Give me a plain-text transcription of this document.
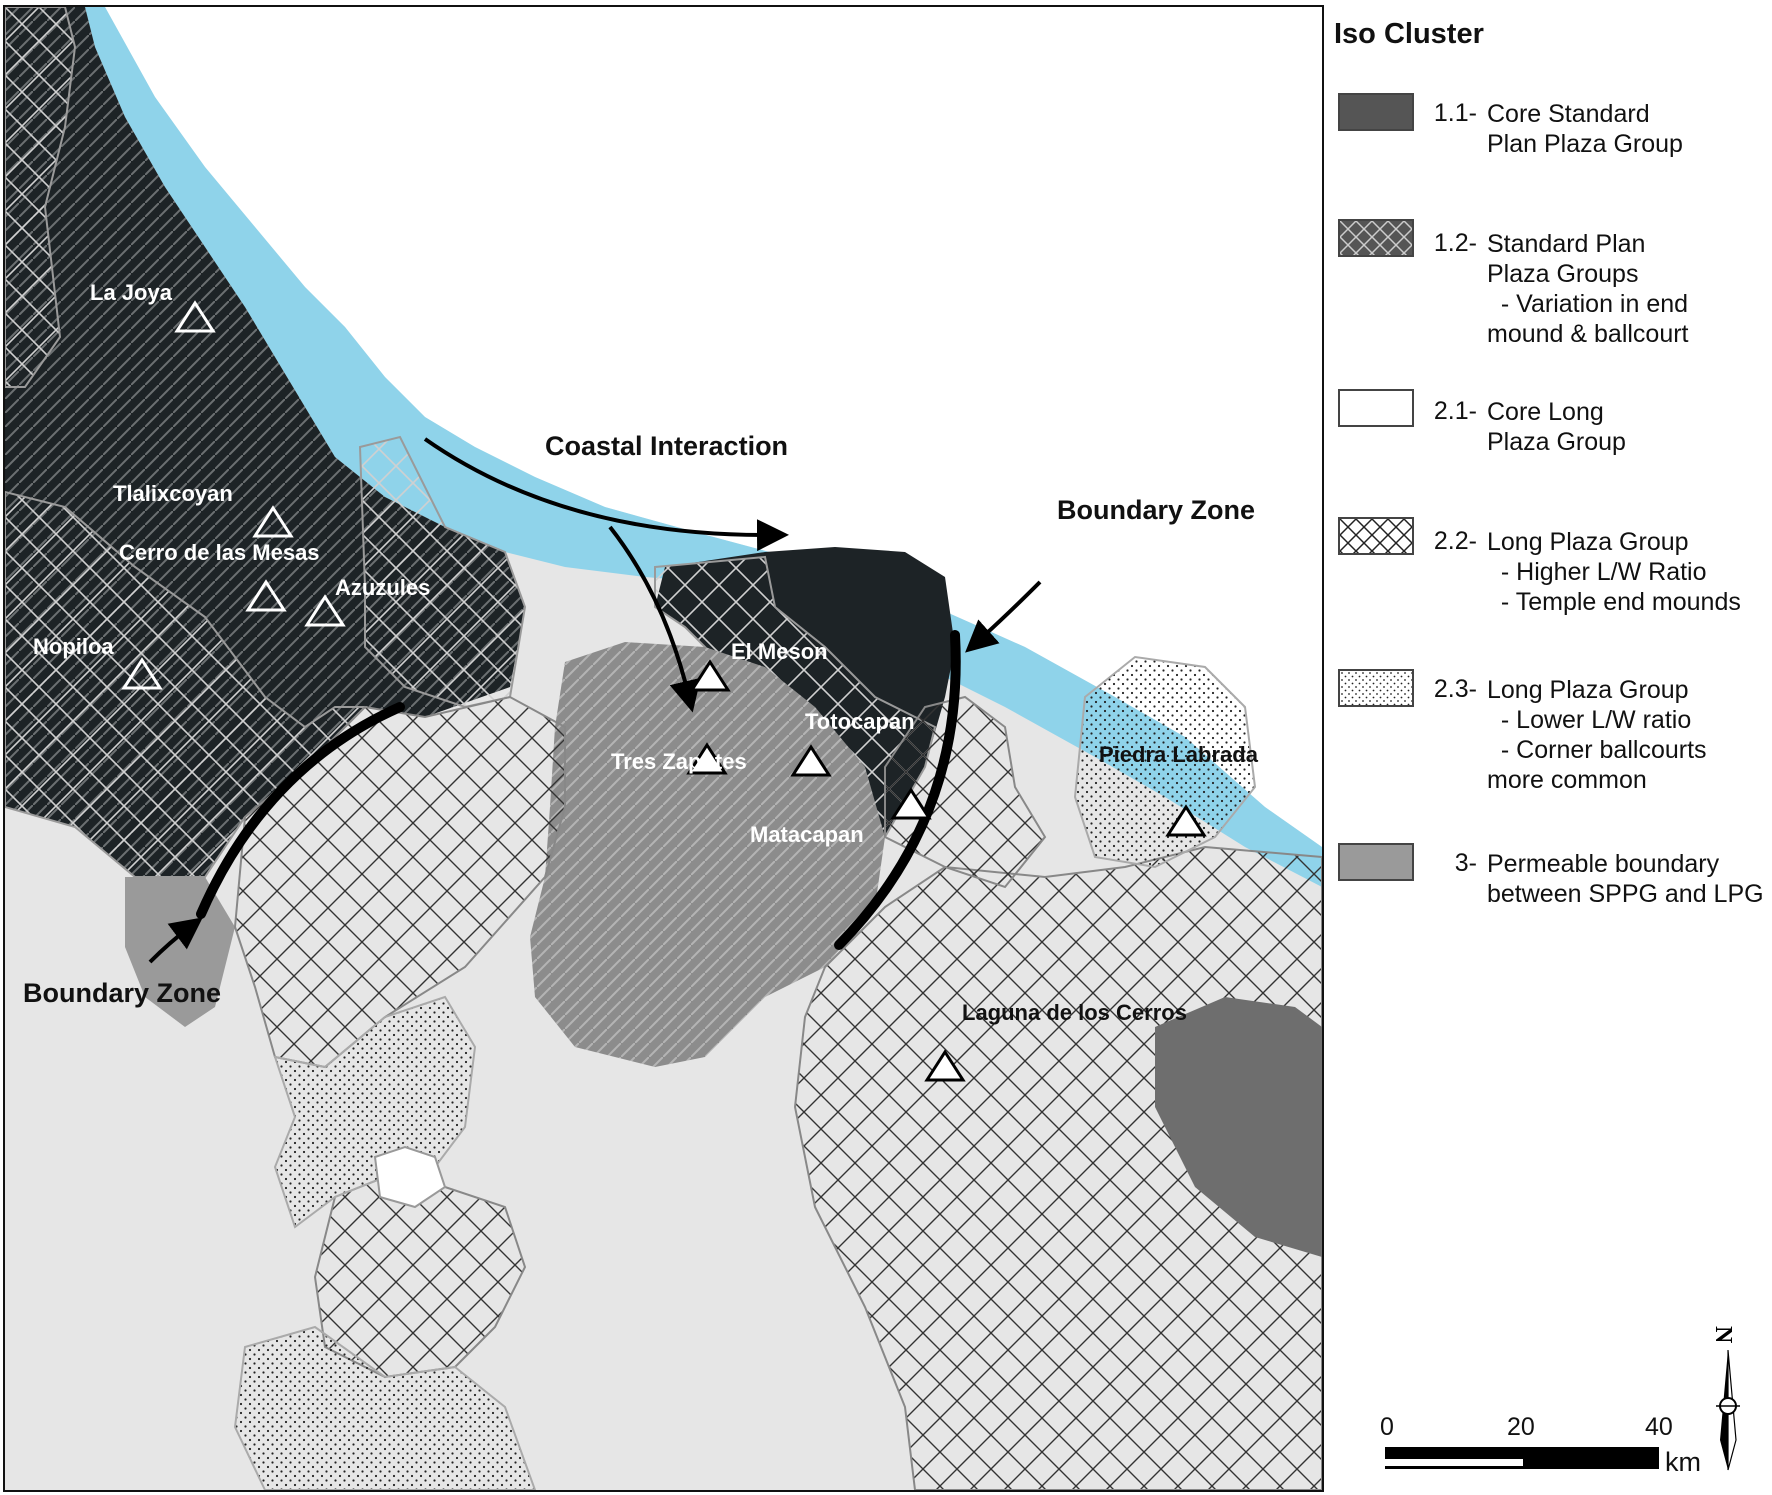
La Joya
Tlalixcoyan
Cerro de las Mesas
Azuzules
Nopiloa	El Meson
Tres Zapotes
Totocapan
Matacapan
Piedra Labrada
Laguna de los Cerros
Coastal Interaction
Boundary Zone
Boundary Zone
Iso Cluster
1.1- Core Standard
Plan Plaza Group
1.2- Standard Plan
Plaza Groups
- Variation in end
mound & ballcourt
2.1- Core Long
Plaza Group
2.2- Long Plaza Group
- Higher L/W Ratio
- Temple end mounds
2.3- Long Plaza Group
- Lower L/W ratio
- Corner ballcourts
more common
3- Permeable boundary
between SPPG and LPG
0	20	40
km
N
